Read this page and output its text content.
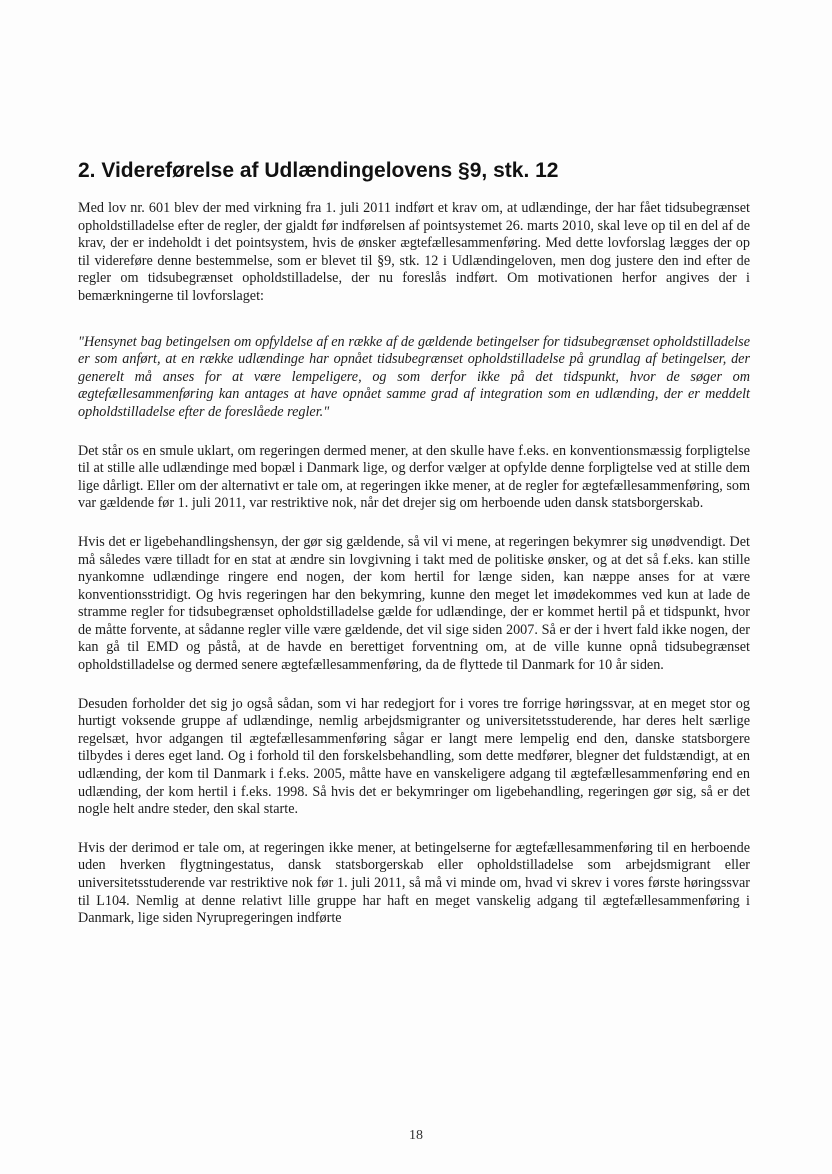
2. Videreførelse af Udlændingelovens §9, stk. 12

Med lov nr. 601 blev der med virkning fra 1. juli 2011 indført et krav om, at udlændinge, der har fået tidsubegrænset opholdstilladelse efter de regler, der gjaldt før indførelsen af pointsystemet 26. marts 2010, skal leve op til en del af de krav, der er indeholdt i det pointsystem, hvis de ønsker ægtefællesammenføring. Med dette lovforslag lægges der op til videreføre denne bestemmelse, som er blevet til §9, stk. 12 i Udlændingeloven, men dog justere den ind efter de regler om tidsubegrænset opholdstilladelse, der nu foreslås indført. Om motivationen herfor angives der i bemærkningerne til lovforslaget:

"Hensynet bag betingelsen om opfyldelse af en række af de gældende betingelser for tidsubegrænset opholdstilladelse er som anført, at en række udlændinge har opnået tidsubegrænset opholdstilladelse på grundlag af betingelser, der generelt må anses for at være lempeligere, og som derfor ikke på det tidspunkt, hvor de søger om ægtefællesammenføring kan antages at have opnået samme grad af integration som en udlænding, der er meddelt opholdstilladelse efter de foreslåede regler."

Det står os en smule uklart, om regeringen dermed mener, at den skulle have f.eks. en konventionsmæssig forpligtelse til at stille alle udlændinge med bopæl i Danmark lige, og derfor vælger at opfylde denne forpligtelse ved at stille dem lige dårligt. Eller om der alternativt er tale om, at regeringen ikke mener, at de regler for ægtefællesammenføring, som var gældende før 1. juli 2011, var restriktive nok, når det drejer sig om herboende uden dansk statsborgerskab.

Hvis det er ligebehandlingshensyn, der gør sig gældende, så vil vi mene, at regeringen bekymrer sig unødvendigt. Det må således være tilladt for en stat at ændre sin lovgivning i takt med de politiske ønsker, og at det så f.eks. kan stille nyankomne udlændinge ringere end nogen, der kom hertil for længe siden, kan næppe anses for at være konventionsstridigt. Og hvis regeringen har den bekymring, kunne den meget let imødekommes ved kun at lade de stramme regler for tidsubegrænset opholdstilladelse gælde for udlændinge, der er kommet hertil på et tidspunkt, hvor de måtte forvente, at sådanne regler ville være gældende, det vil sige siden 2007. Så er der i hvert fald ikke nogen, der kan gå til EMD og påstå, at de havde en berettiget forventning om, at de ville kunne opnå tidsubegrænset opholdstilladelse og dermed senere ægtefællesammenføring, da de flyttede til Danmark for 10 år siden.

Desuden forholder det sig jo også sådan, som vi har redegjort for i vores tre forrige høringssvar, at en meget stor og hurtigt voksende gruppe af udlændinge, nemlig arbejdsmigranter og universitetsstuderende, har deres helt særlige regelsæt, hvor adgangen til ægtefællesammenføring sågar er langt mere lempelig end den, danske statsborgere tilbydes i deres eget land. Og i forhold til den forskelsbehandling, som dette medfører, blegner det fuldstændigt, at en udlænding, der kom til Danmark i f.eks. 2005, måtte have en vanskeligere adgang til ægtefællesammenføring end en udlænding, der kom hertil i f.eks. 1998. Så hvis det er bekymringer om ligebehandling, regeringen gør sig, så er det nogle helt andre steder, den skal starte.

Hvis der derimod er tale om, at regeringen ikke mener, at betingelserne for ægtefællesammenføring til en herboende uden hverken flygtningestatus, dansk statsborgerskab eller opholdstilladelse som arbejdsmigrant eller universitetsstuderende var restriktive nok før 1. juli 2011, så må vi minde om, hvad vi skrev i vores første høringssvar til L104. Nemlig at denne relativt lille gruppe har haft en meget vanskelig adgang til ægtefællesammenføring i Danmark, lige siden Nyrupregeringen indførte

18
